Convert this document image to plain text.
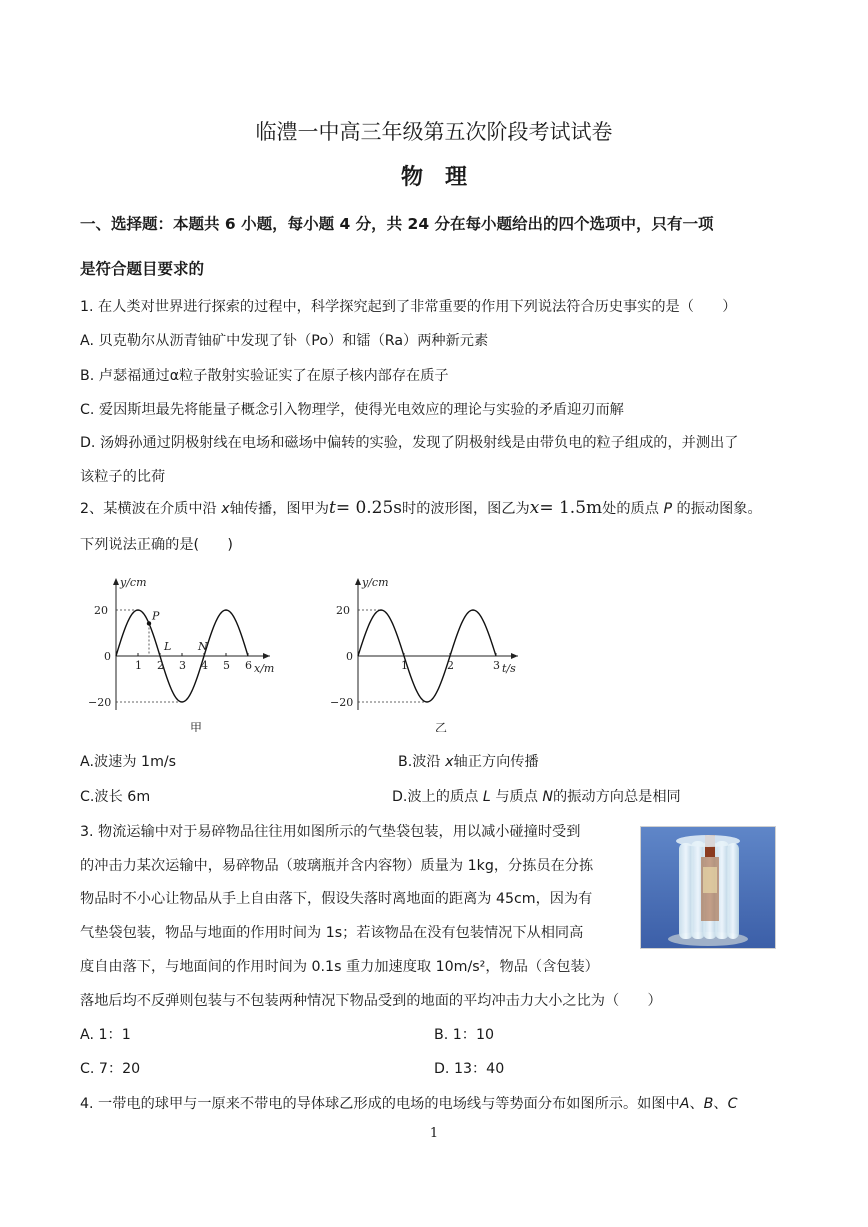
临澧一中高三年级第五次阶段考试试卷
物理
一、选择题：本题共 6 小题，每小题 4 分，共 24 分在每小题给出的四个选项中，只有一项
是符合题目要求的
1. 在人类对世界进行探索的过程中，科学探究起到了非常重要的作用下列说法符合历史事实的是（　　）
A. 贝克勒尔从沥青铀矿中发现了钋（Po）和镭（Ra）两种新元素
B. 卢瑟福通过α粒子散射实验证实了在原子核内部存在质子
C. 爱因斯坦最先将能量子概念引入物理学，使得光电效应的理论与实验的矛盾迎刃而解
D. 汤姆孙通过阴极射线在电场和磁场中偏转的实验，发现了阴极射线是由带负电的粒子组成的，并测出了
该粒子的比荷
2、某横波在介质中沿 x轴传播，图甲为t= 0.25s时的波形图，图乙为x= 1.5m处的质点 P 的振动图象。
下列说法正确的是(　　)
y/cm
x/m
20
−20
0
1 2 3 4 5 6
甲
P
L N
y/cm
t/s
20
−20
0
1	2	3
乙
A.波速为 1m/s	B.波沿 x轴正方向传播
C.波长 6m	D.波上的质点 L 与质点 N的振动方向总是相同
3. 物流运输中对于易碎物品往往用如图所示的气垫袋包装，用以减小碰撞时受到
的冲击力某次运输中，易碎物品（玻璃瓶并含内容物）质量为 1kg，分拣员在分拣
物品时不小心让物品从手上自由落下，假设失落时离地面的距离为 45cm，因为有
气垫袋包装，物品与地面的作用时间为 1s；若该物品在没有包装情况下从相同高
度自由落下，与地面间的作用时间为 0.1s 重力加速度取 10m/s²，物品（含包装）
落地后均不反弹则包装与不包装两种情况下物品受到的地面的平均冲击力大小之比为（　　）
A. 1：1	B. 1：10
C. 7：20	D. 13：40
4. 一带电的球甲与一原来不带电的导体球乙形成的电场的电场线与等势面分布如图所示。如图中A、B、C
1
